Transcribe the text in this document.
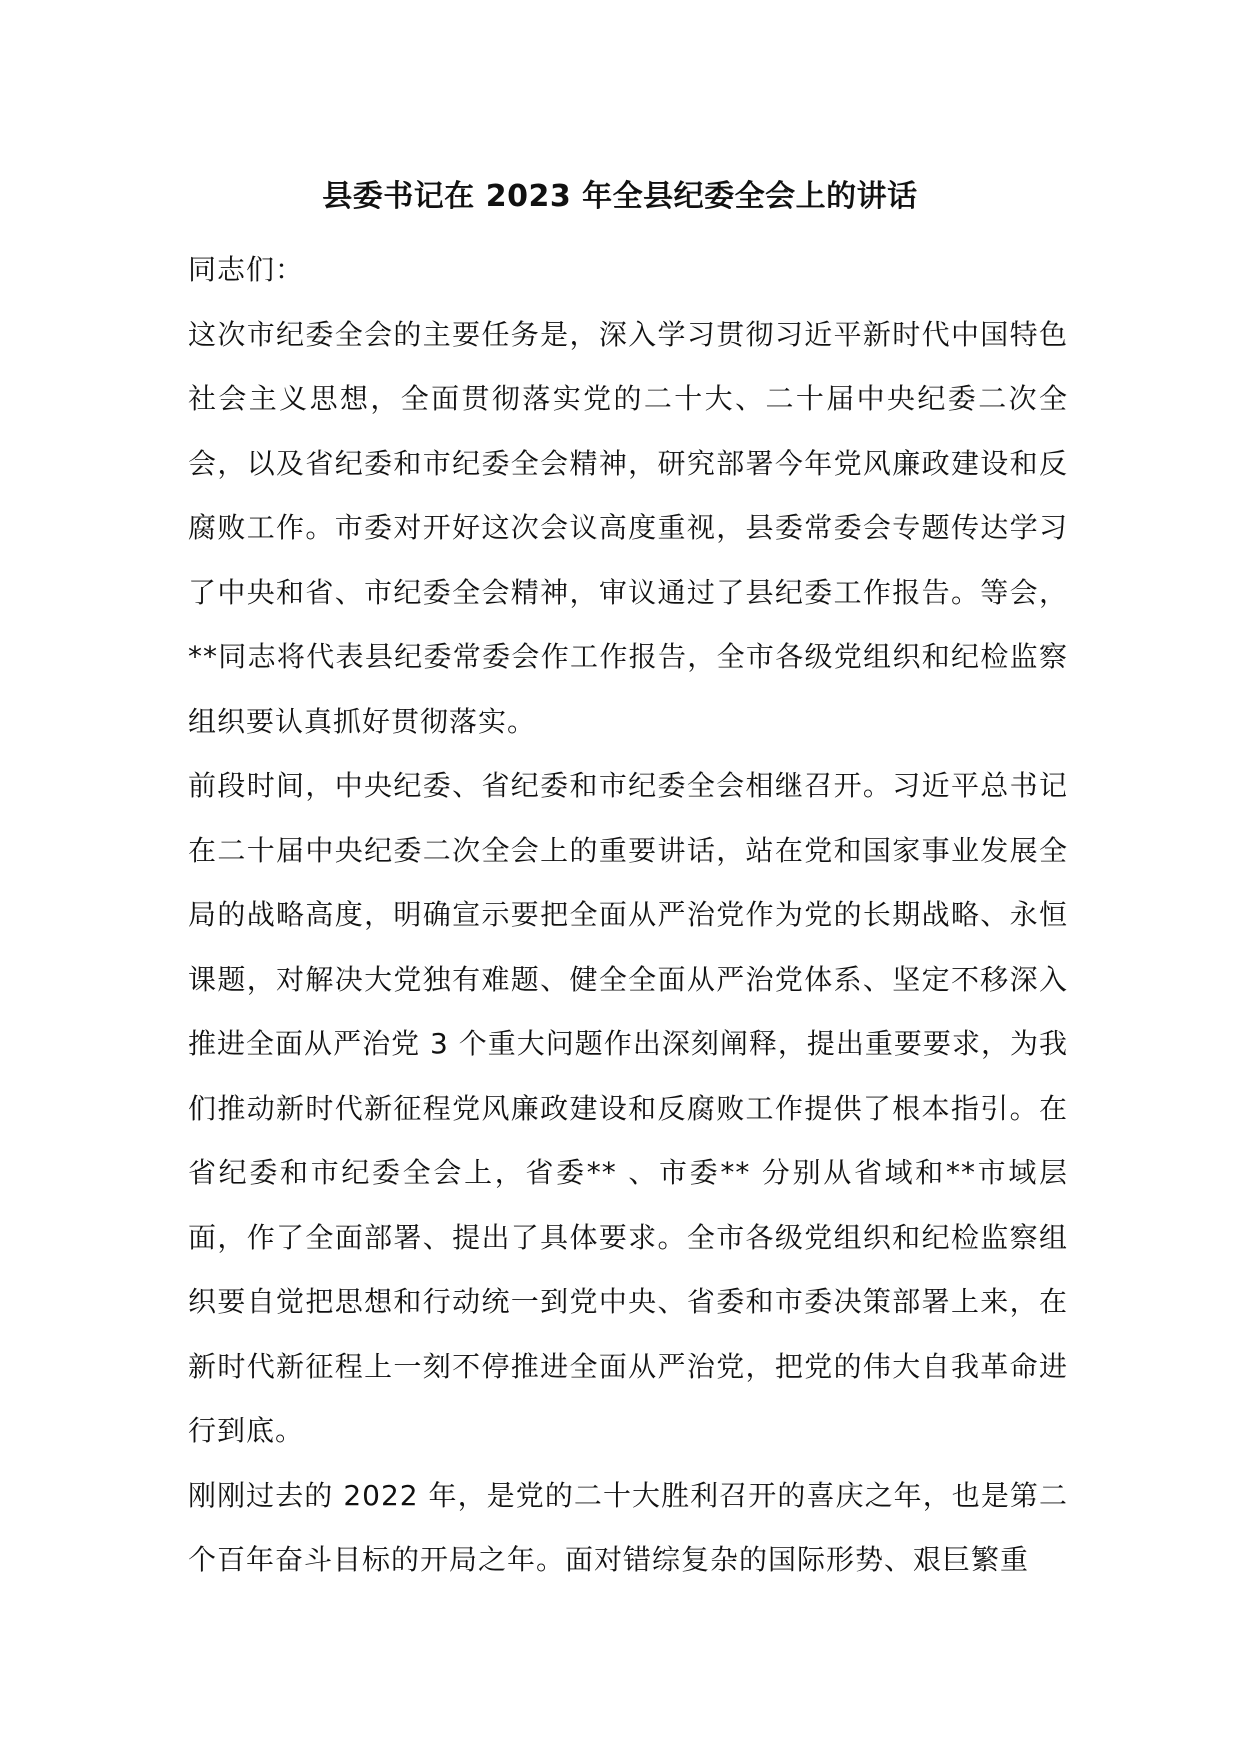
县委书记在 2023 年全县纪委全会上的讲话

同志们：

这次市纪委全会的主要任务是，深入学习贯彻习近平新时代中国特色社会主义思想，全面贯彻落实党的二十大、二十届中央纪委二次全会，以及省纪委和市纪委全会精神，研究部署今年党风廉政建设和反腐败工作。市委对开好这次会议高度重视，县委常委会专题传达学习了中央和省、市纪委全会精神，审议通过了县纪委工作报告。等会，**同志将代表县纪委常委会作工作报告，全市各级党组织和纪检监察组织要认真抓好贯彻落实。

前段时间，中央纪委、省纪委和市纪委全会相继召开。习近平总书记在二十届中央纪委二次全会上的重要讲话，站在党和国家事业发展全局的战略高度，明确宣示要把全面从严治党作为党的长期战略、永恒课题，对解决大党独有难题、健全全面从严治党体系、坚定不移深入推进全面从严治党 3 个重大问题作出深刻阐释，提出重要要求，为我们推动新时代新征程党风廉政建设和反腐败工作提供了根本指引。在省纪委和市纪委全会上，省委** 、市委** 分别从省域和**市域层面，作了全面部署、提出了具体要求。全市各级党组织和纪检监察组织要自觉把思想和行动统一到党中央、省委和市委决策部署上来，在新时代新征程上一刻不停推进全面从严治党，把党的伟大自我革命进行到底。

刚刚过去的 2022 年，是党的二十大胜利召开的喜庆之年，也是第二个百年奋斗目标的开局之年。面对错综复杂的国际形势、艰巨繁重
